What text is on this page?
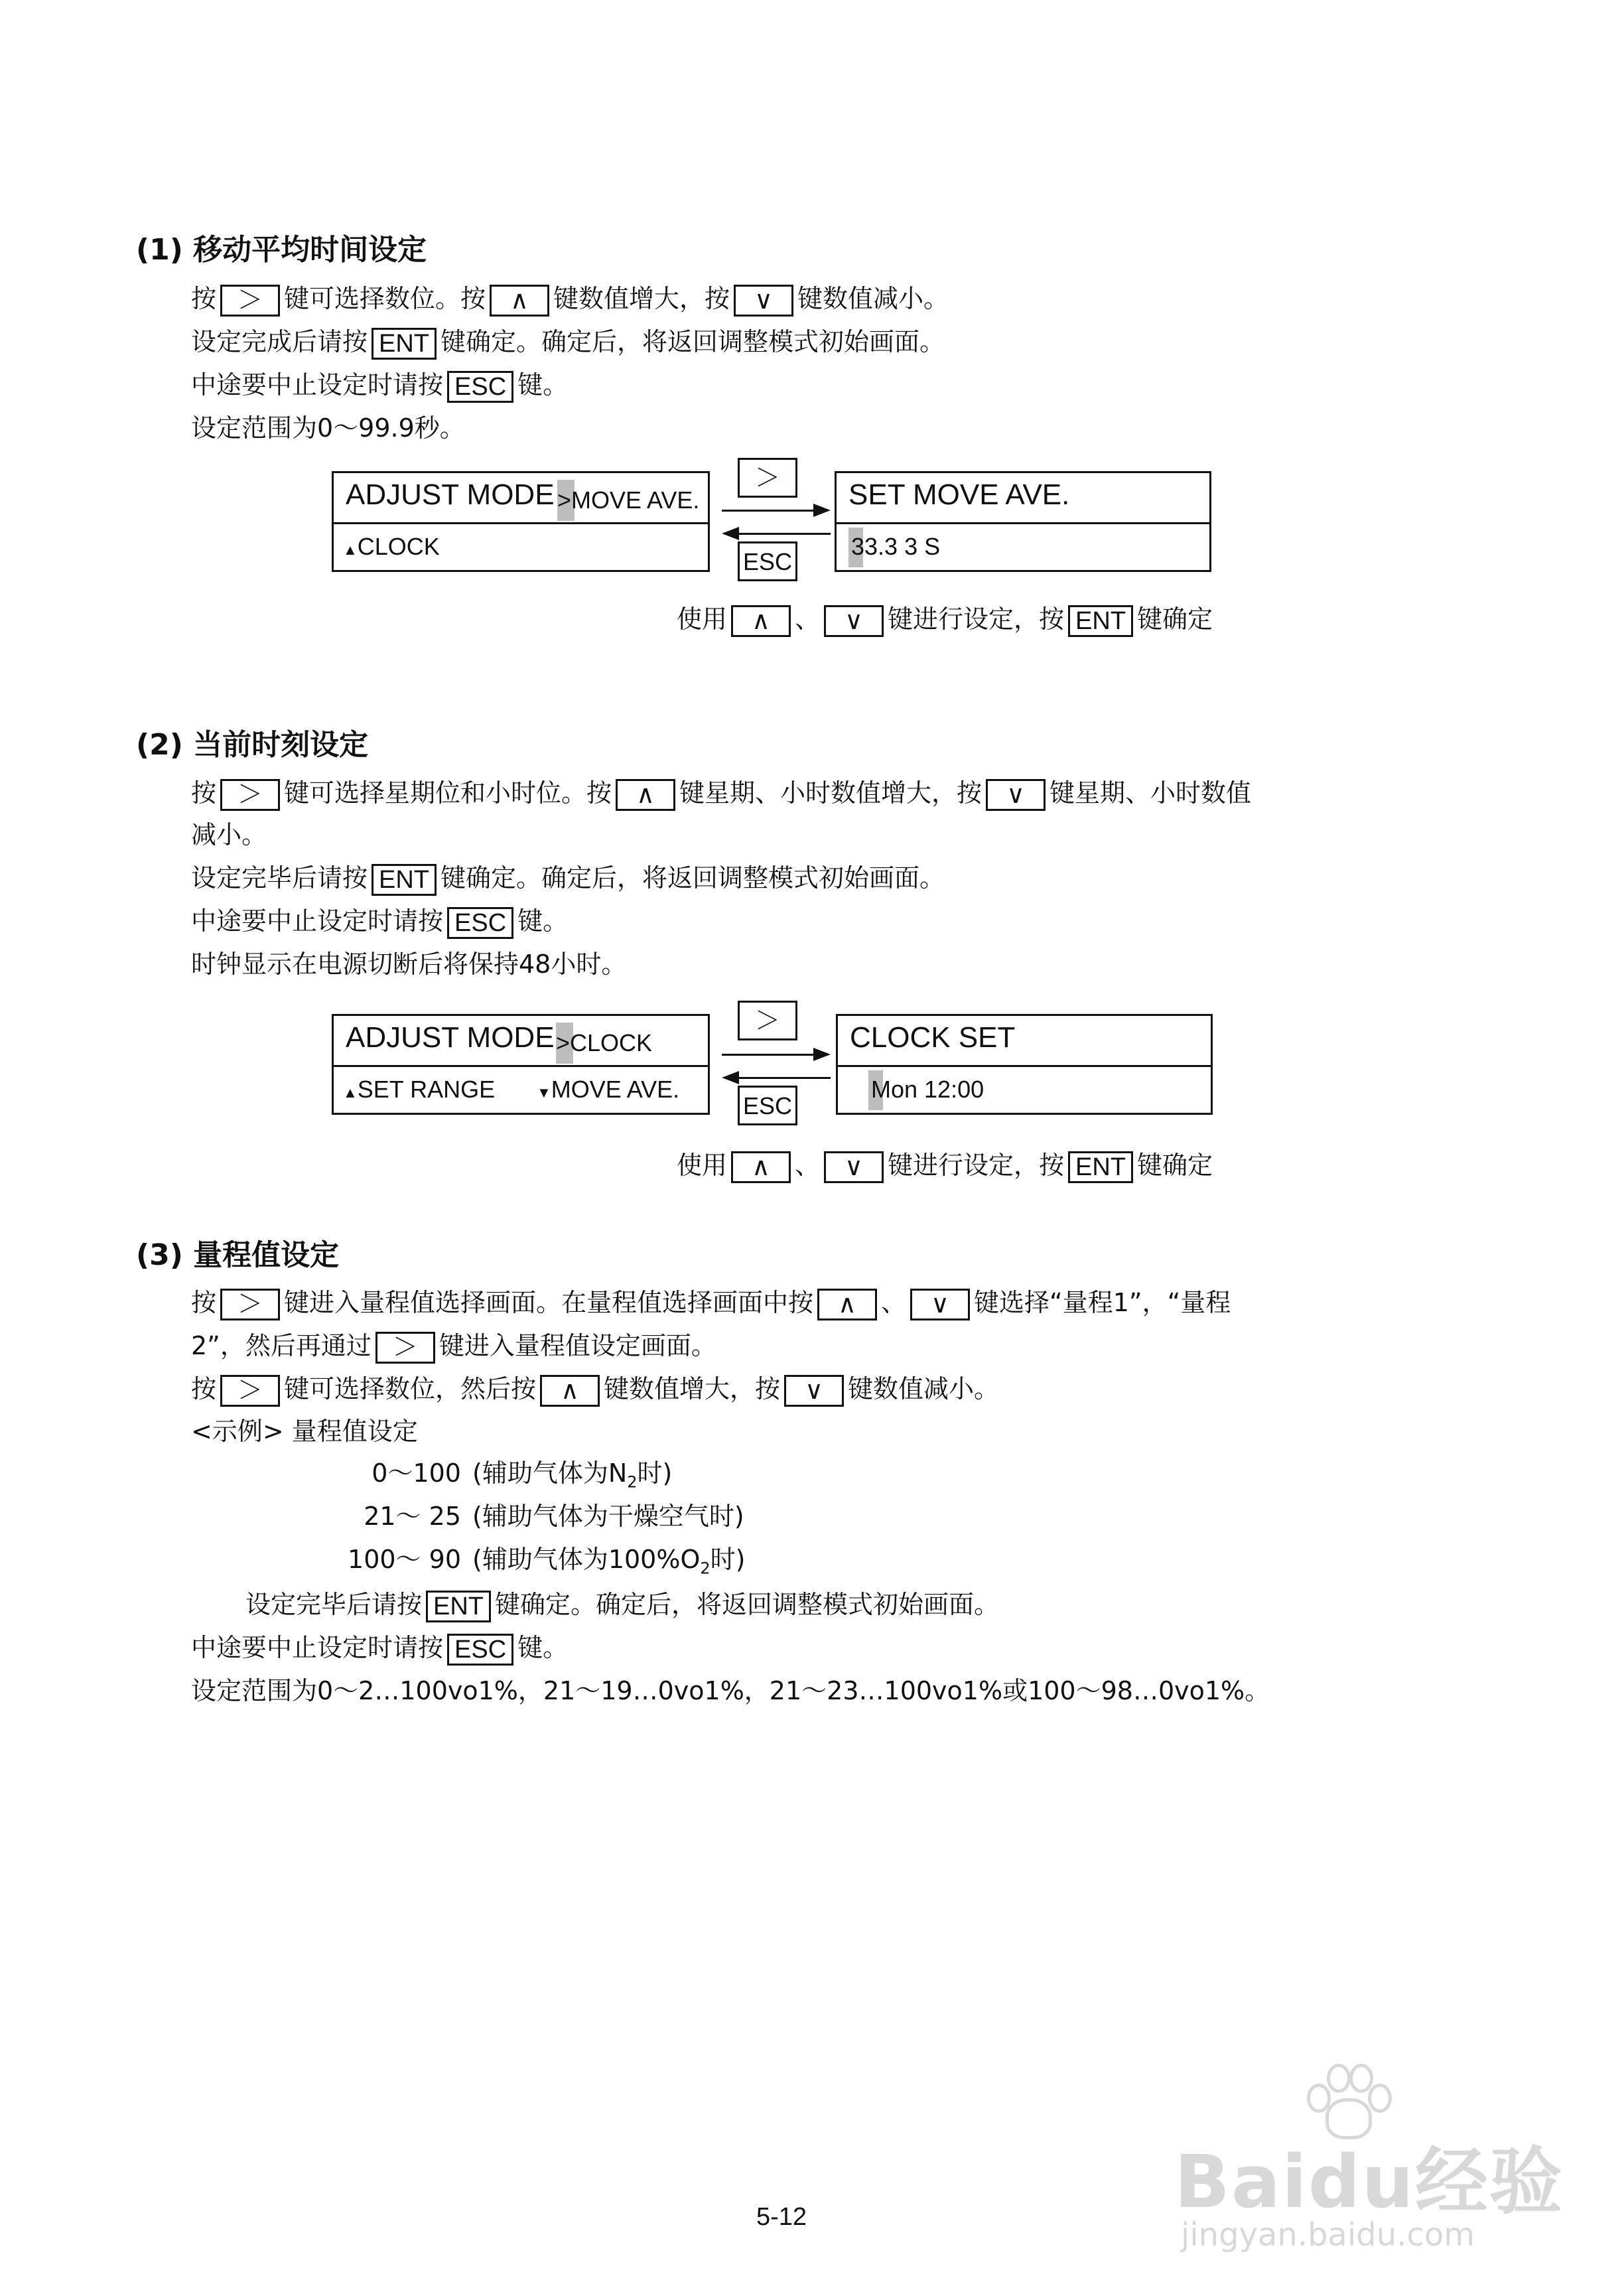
(1) 移动平均时间设定
按 ＞ 键可选择数位。按 ∧ 键数值增大，按 ∨ 键数值减小。
设定完成后请按 ENT 键确定。确定后，将返回调整模式初始画面。
中途要中止设定时请按 ESC 键。
设定范围为0～99.9秒。
ADJUST MODE >MOVE AVE.
▲CLOCK
＞
ESC
SET MOVE AVE.
33.3 3 S
使用 ∧ 、 ∨ 键进行设定，按 ENT 键确定
(2) 当前时刻设定
按 ＞ 键可选择星期位和小时位。按 ∧ 键星期、小时数值增大，按 ∨ 键星期、小时数值
减小。
设定完毕后请按 ENT 键确定。确定后，将返回调整模式初始画面。
中途要中止设定时请按 ESC 键。
时钟显示在电源切断后将保持48小时。
ADJUST MODE >CLOCK
▲SET RANGE	▼MOVE AVE.
＞
ESC
CLOCK SET
Mon 12:00
使用 ∧ 、 ∨ 键进行设定，按 ENT 键确定
(3) 量程值设定
按 ＞ 键进入量程值选择画面。在量程值选择画面中按 ∧ 、 ∨ 键选择“量程1”，“量程
2”，然后再通过 ＞ 键进入量程值设定画面。
按 ＞ 键可选择数位，然后按 ∧ 键数值增大，按 ∨ 键数值减小。
<示例> 量程值设定
0～100 (辅助气体为$N_2$时)
21～ 25 (辅助气体为干燥空气时)
100～ 90 (辅助气体为$100\%O_2$时)
设定完毕后请按 ENT 键确定。确定后，将返回调整模式初始画面。
中途要中止设定时请按 ESC 键。
设定范围为0～2…100vo1%，21～19…0vo1%，21～23…100vo1%或100～98…0vo1%。
5-12	Baidu经验
jingyan.baidu.com
